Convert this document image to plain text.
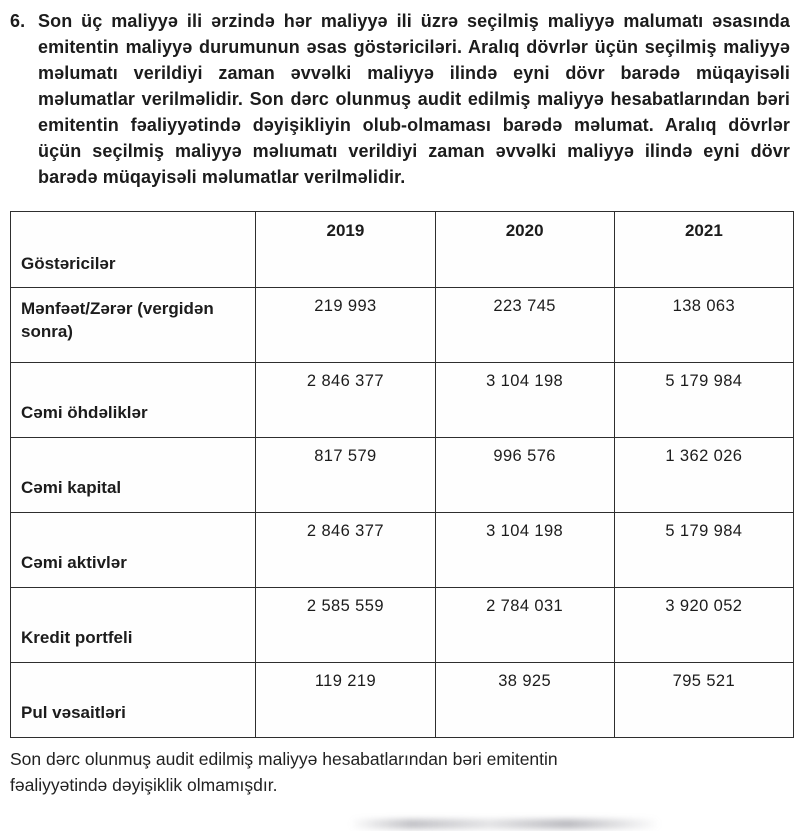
6. Son üç maliyyə ili ərzində hər maliyyə ili üzrə seçilmiş maliyyə malumatı əsasında emitentin maliyyə durumunun əsas göstəriciləri. Aralıq dövrlər üçün seçilmiş maliyyə məlumatı verildiyi zaman əvvəlki maliyyə ilində eyni dövr barədə müqayisəli məlumatlar verilməlidir. Son dərc olunmuş audit edilmiş maliyyə hesabatlarından bəri emitentin fəaliyyətində dəyişikliyin olub-olmaması barədə məlumat. Aralıq dövrlər üçün seçilmiş maliyyə məlıumatı verildiyi zaman əvvəlki maliyyə ilində eyni dövr barədə müqayisəli məlumatlar verilməlidir.
Göstəricilər	2019	2020	2021
Mənfəət/Zərər (vergidən sonra)	219 993	223 745	138 063
Cəmi öhdəliklər	2 846 377	3 104 198	5 179 984
Cəmi kapital	817 579	996 576	1 362 026
Cəmi aktivlər	2 846 377	3 104 198	5 179 984
Kredit portfeli	2 585 559	2 784 031	3 920 052
Pul vəsaitləri	119 219	38 925	795 521

Son dərc olunmuş audit edilmiş maliyyə hesabatlarından bəri emitentin fəaliyyətində dəyişiklik olmamışdır.
